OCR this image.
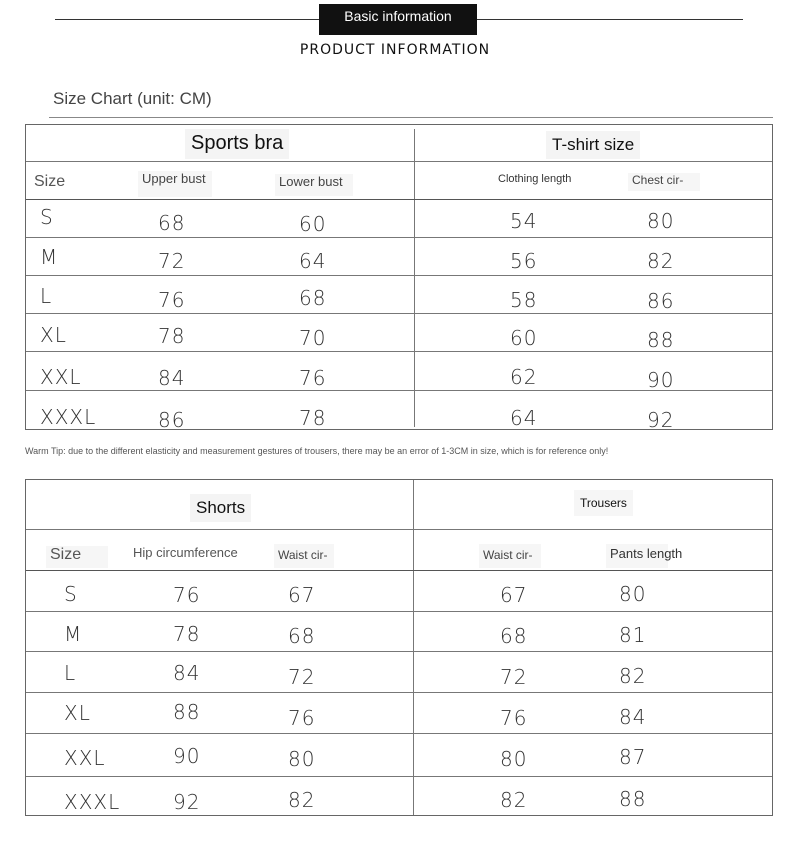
Basic information
PRODUCT INFORMATION
Size Chart (unit: CM)
Sports bra	T-shirt size
Size	Upper bust	Lower bust	Clothing length	Chest cir-
S	68	60	54	80
M	72	64	56	82
L	76	68	58	86
XL	78	70	60	88
XXL	84	76	62	90
XXXL	86	78	64	92
Warm Tip: due to the different elasticity and measurement gestures of trousers, there may be an error of 1-3CM in size, which is for reference only!
Shorts	Trousers
Size	Hip circumference	Waist cir-	Waist cir-	Pants length
S	76	67	67	80
M	78	68	68	81
L	84	72	72	82
XL	88	76	76	84
XXL	90	80	80	87
XXXL	92	82	82	88
